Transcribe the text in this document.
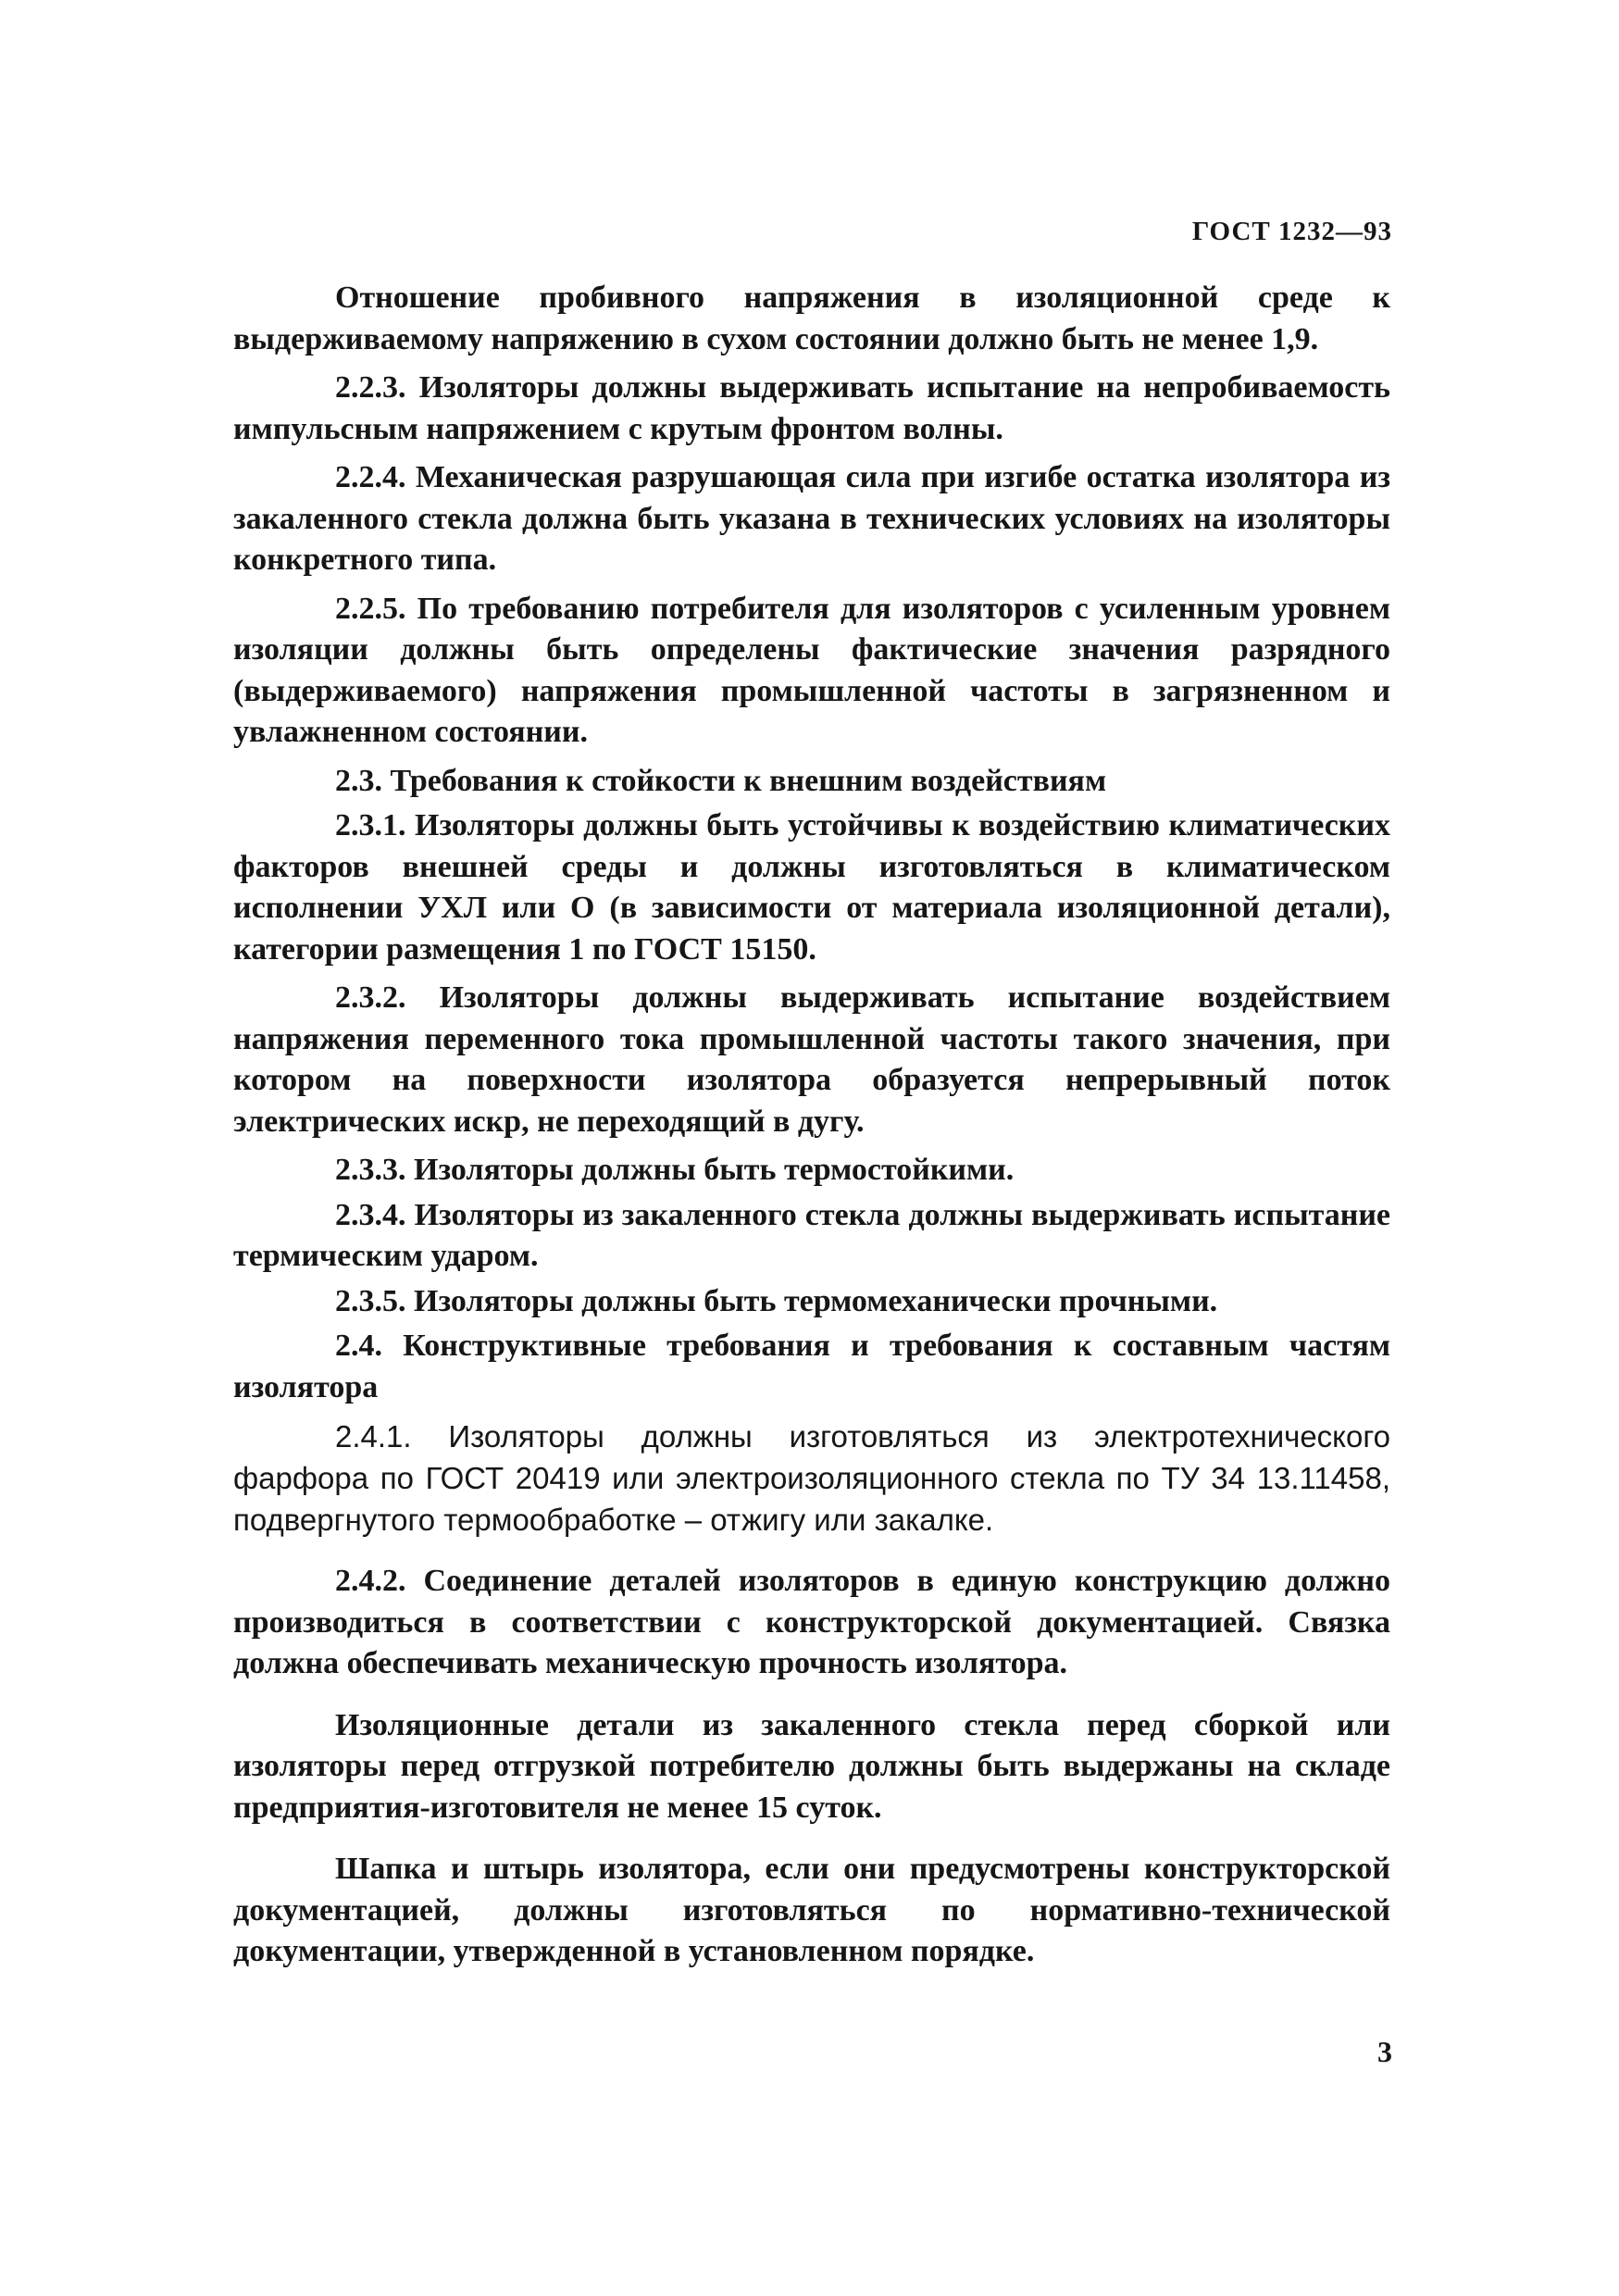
ГОСТ 1232—93

Отношение пробивного напряжения в изоляционной среде к выдерживаемому напряжению в сухом состоянии должно быть не менее 1,9.

2.2.3. Изоляторы должны выдерживать испытание на непробиваемость импульсным напряжением с крутым фронтом волны.

2.2.4. Механическая разрушающая сила при изгибе остатка изолятора из закаленного стекла должна быть указана в технических условиях на изоляторы конкретного типа.

2.2.5. По требованию потребителя для изоляторов с усиленным уровнем изоляции должны быть определены фактические значения разрядного (выдерживаемого) напряжения промышленной частоты в загрязненном и увлажненном состоянии.

2.3. Требования к стойкости к внешним воздействиям

2.3.1. Изоляторы должны быть устойчивы к воздействию климатических факторов внешней среды и должны изготовляться в климатическом исполнении УХЛ или О (в зависимости от материала изоляционной детали), категории размещения 1 по ГОСТ 15150.

2.3.2. Изоляторы должны выдерживать испытание воздействием напряжения переменного тока промышленной частоты такого значения, при котором на поверхности изолятора образуется непрерывный поток электрических искр, не переходящий в дугу.

2.3.3. Изоляторы должны быть термостойкими.

2.3.4. Изоляторы из закаленного стекла должны выдерживать испытание термическим ударом.

2.3.5. Изоляторы должны быть термомеханически прочными.

2.4. Конструктивные требования и требования к составным частям изолятора

2.4.1. Изоляторы должны изготовляться из электротехнического фарфора по ГОСТ 20419 или электроизоляционного стекла по ТУ 34 13.11458, подвергнутого термообработке – отжигу или закалке.

2.4.2. Соединение деталей изоляторов в единую конструкцию должно производиться в соответствии с конструкторской документацией. Связка должна обеспечивать механическую прочность изолятора.

Изоляционные детали из закаленного стекла перед сборкой или изоляторы перед отгрузкой потребителю должны быть выдержаны на складе предприятия-изготовителя не менее 15 суток.

Шапка и штырь изолятора, если они предусмотрены конструкторской документацией, должны изготовляться по нормативно-технической документации, утвержденной в установленном порядке.

3
